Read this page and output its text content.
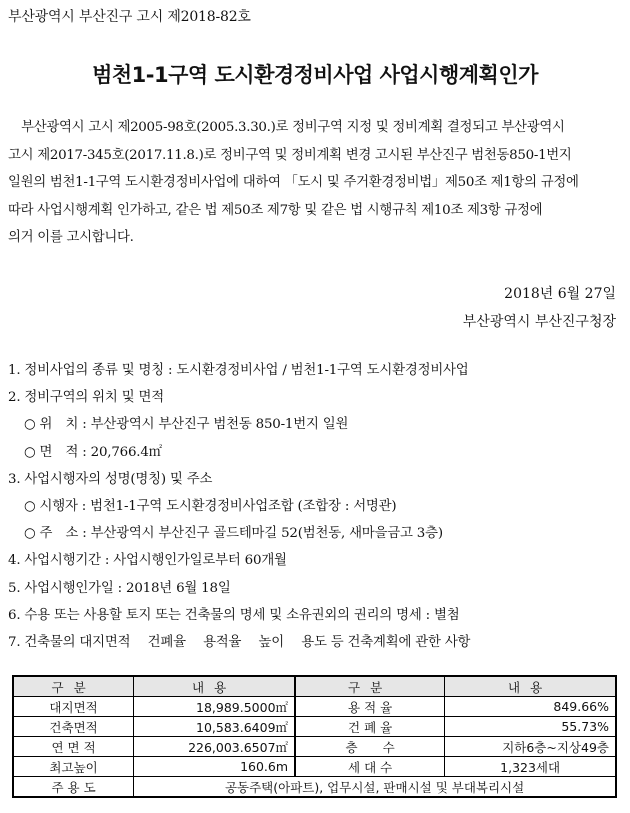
부산광역시 부산진구 고시 제2018-82호
범천1-1구역 도시환경정비사업 사업시행계획인가
　부산광역시 고시 제2005-98호(2005.3.30.)로 정비구역 지정 및 정비계획 결정되고 부산광역시
고시 제2017-345호(2017.11.8.)로 정비구역 및 정비계획 변경 고시된 부산진구 범천동850-1번지
일원의 범천1-1구역 도시환경정비사업에 대하여 「도시 및 주거환경정비법」제50조 제1항의 규정에
따라 사업시행계획 인가하고, 같은 법 제50조 제7항 및 같은 법 시행규칙 제10조 제3항 규정에
의거 이를 고시합니다.
2018년 6월 27일
부산광역시 부산진구청장
1. 정비사업의 종류 및 명칭 : 도시환경정비사업 / 범천1-1구역 도시환경정비사업
2. 정비구역의 위치 및 면적
○ 위　치 : 부산광역시 부산진구 범천동 850-1번지 일원
○ 면　적 : 20,766.4㎡
3. 사업시행자의 성명(명칭) 및 주소
○ 시행자 : 범천1-1구역 도시환경정비사업조합 (조합장 : 서명관)
○ 주　소 : 부산광역시 부산진구 골드테마길 52(범천동, 새마을금고 3층)
4. 사업시행기간 : 사업시행인가일로부터 60개월
5. 사업시행인가일 : 2018년 6월 18일
6. 수용 또는 사용할 토지 또는 건축물의 명세 및 소유권외의 권리의 명세 : 별첨
7. 건축물의 대지면적　 건폐율　 용적율　 높이　 용도 등 건축계획에 관한 사항
구분	내용	구분	내용
대지면적	18,989.5000㎡	용 적 율	849.66%
건축면적	10,583.6409㎡	건 폐 율	55.73%
연 면 적	226,003.6507㎡	층　　수	지하6층~지상49층
최고높이	160.6m	세 대 수	1,323세대
주 용 도	공동주택(아파트), 업무시설, 판매시설 및 부대복리시설		
